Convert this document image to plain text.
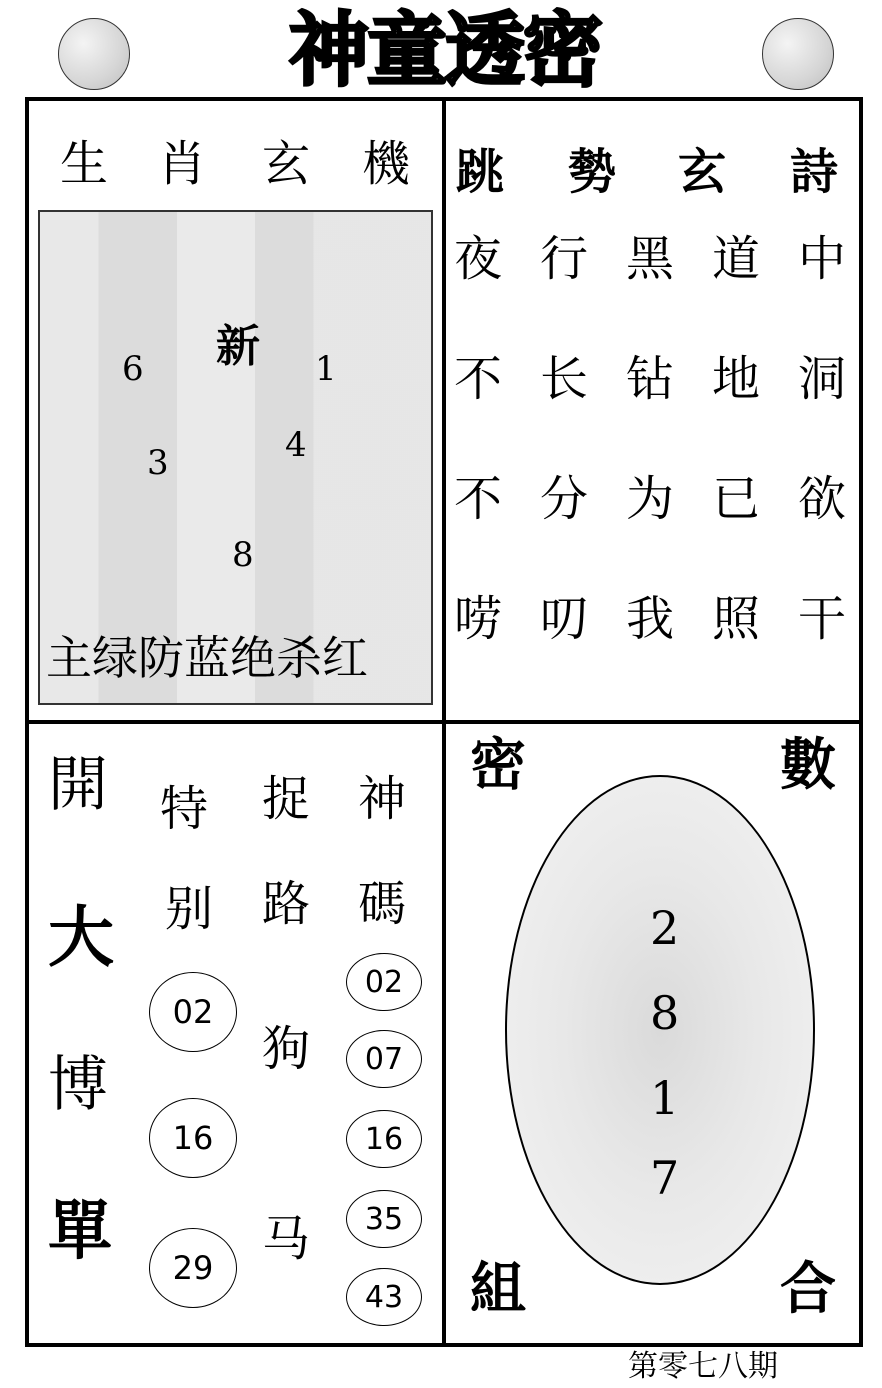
神童透密
生 肖 玄 機
新
6	1
3	4
8
主绿防蓝绝杀红
跳 勢 玄 詩
夜 行 黑 道 中
不 长 钻 地 洞
不 分 为 已 欲
唠 叨 我 照 干
開
大
博
單
特
别
02
16
29
捉
路
狗
马
神
碼
02
07
16
35
43
密	數
組	合
2
8
1
7
第零七八期
